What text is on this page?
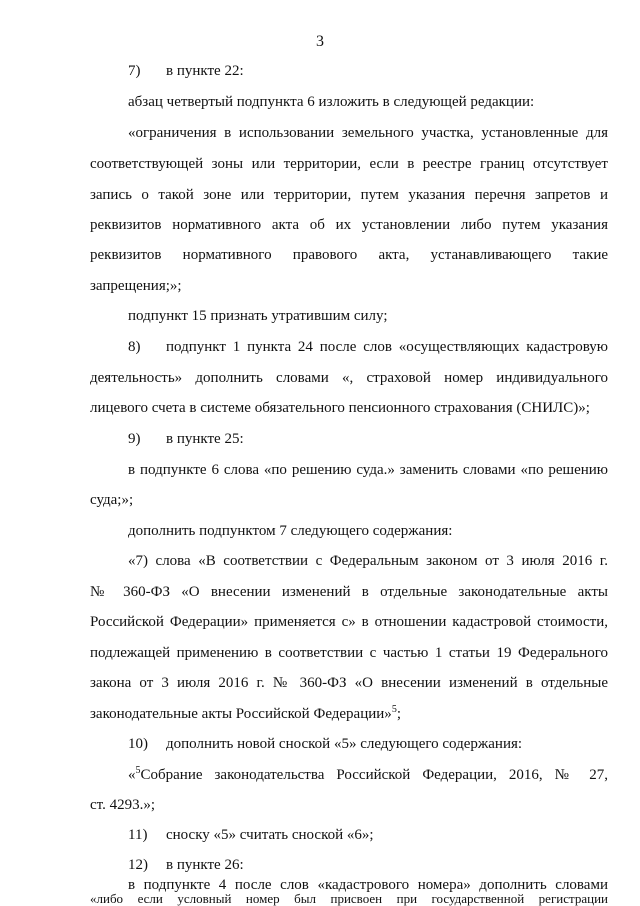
3
7) в пункте 22:
абзац четвертый подпункта 6 изложить в следующей редакции:
«ограничения в использовании земельного участка, установленные для
соответствующей зоны или территории, если в реестре границ отсутствует
запись о такой зоне или территории, путем указания перечня запретов и
реквизитов нормативного акта об их установлении либо путем указания
реквизитов нормативного правового акта, устанавливающего такие
запрещения;»;
подпункт 15 признать утратившим силу;
8) подпункт 1 пункта 24 после слов «осуществляющих кадастровую
деятельность» дополнить словами «, страховой номер индивидуального
лицевого счета в системе обязательного пенсионного страхования (СНИЛС)»;
9) в пункте 25:
в подпункте 6 слова «по решению суда.» заменить словами «по решению
суда;»;
дополнить подпунктом 7 следующего содержания:
«7) слова «В соответствии с Федеральным законом от 3 июля 2016 г.
№ 360-ФЗ «О внесении изменений в отдельные законодательные акты
Российской Федерации» применяется с» в отношении кадастровой стоимости,
подлежащей применению в соответствии с частью 1 статьи 19 Федерального
закона от 3 июля 2016 г. № 360-ФЗ «О внесении изменений в отдельные
законодательные акты Российской Федерации»$^5$;
10) дополнить новой сноской «5» следующего содержания:
«$^5$Собрание законодательства Российской Федерации, 2016, № 27,
ст. 4293.»;
11) сноску «5» считать сноской «6»;
12) в пункте 26:
в подпункте 4 после слов «кадастрового номера» дополнить словами
«либо если условный номер был присвоен при государственной регистрации
